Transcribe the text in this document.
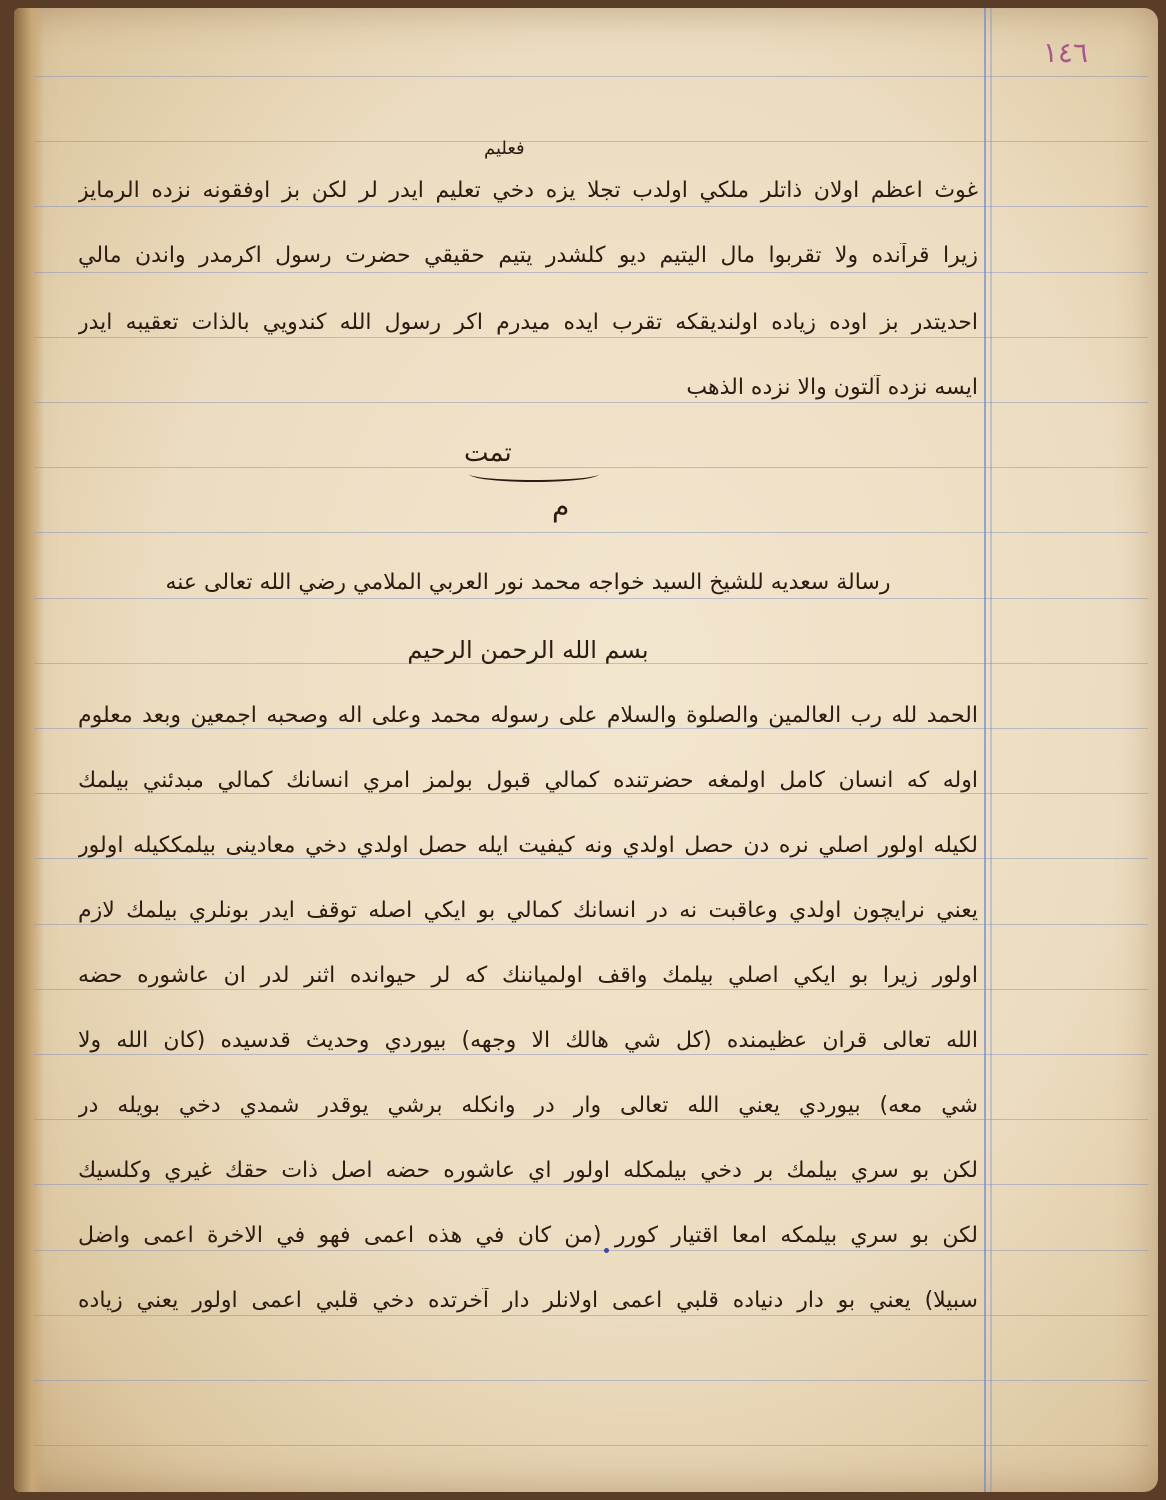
١٤٦
فعليم
غوث اعظم اولان ذاتلر ملكي اولدب تجلا يزه دخي تعليم ايدر لر لكن بز اوفقونه نزده الرمايز
زيرا قرآنده ولا تقربوا مال اليتيم ديو كلشدر يتيم حقيقي حضرت رسول اكرمدر واندن مالي
احديتدر بز اوده زياده اولنديقكه تقرب ايده ميدرم اكر رسول الله كندويي بالذات تعقيبه ايدر
ايسه نزده آلتون والا نزده الذهب
تمت
م
رسالة سعديه للشيخ السيد خواجه محمد نور العربي الملامي رضي الله تعالى عنه
بسم الله الرحمن الرحيم
الحمد لله رب العالمين والصلوة والسلام على رسوله محمد وعلى اله وصحبه اجمعين وبعد معلوم
اوله كه انسان كامل اولمغه حضرتنده كمالي قبول بولمز امري انسانك كمالي مبدئني بيلمك
لكيله اولور اصلي نره دن حصل اولدي ونه كيفيت ايله حصل اولدي دخي معادينى بيلمككيله اولور
يعني نرايچون اولدي وعاقبت نه در انسانك كمالي بو ايكي اصله توقف ايدر بونلري بيلمك لازم
اولور زيرا بو ايكي اصلي بيلمك واقف اولمياننك كه لر حيوانده اثنر لدر ان عاشوره حضه
الله تعالى قران عظيمنده (كل شي هالك الا وجهه) بيوردي وحديث قدسيده (كان الله ولا
شي معه) بيوردي يعني الله تعالى وار در وانكله برشي يوقدر شمدي دخي بويله در
لكن بو سري بيلمك بر دخي بيلمكله اولور اي عاشوره حضه اصل ذات حقك غيري وكلسيك
لكن بو سري بيلمكه امعا اقتيار كورر (من كان في هذه اعمى فهو في الاخرة اعمى واضل
سبيلا) يعني بو دار دنياده قلبي اعمى اولانلر دار آخرتده دخي قلبي اعمى اولور يعني زياده
